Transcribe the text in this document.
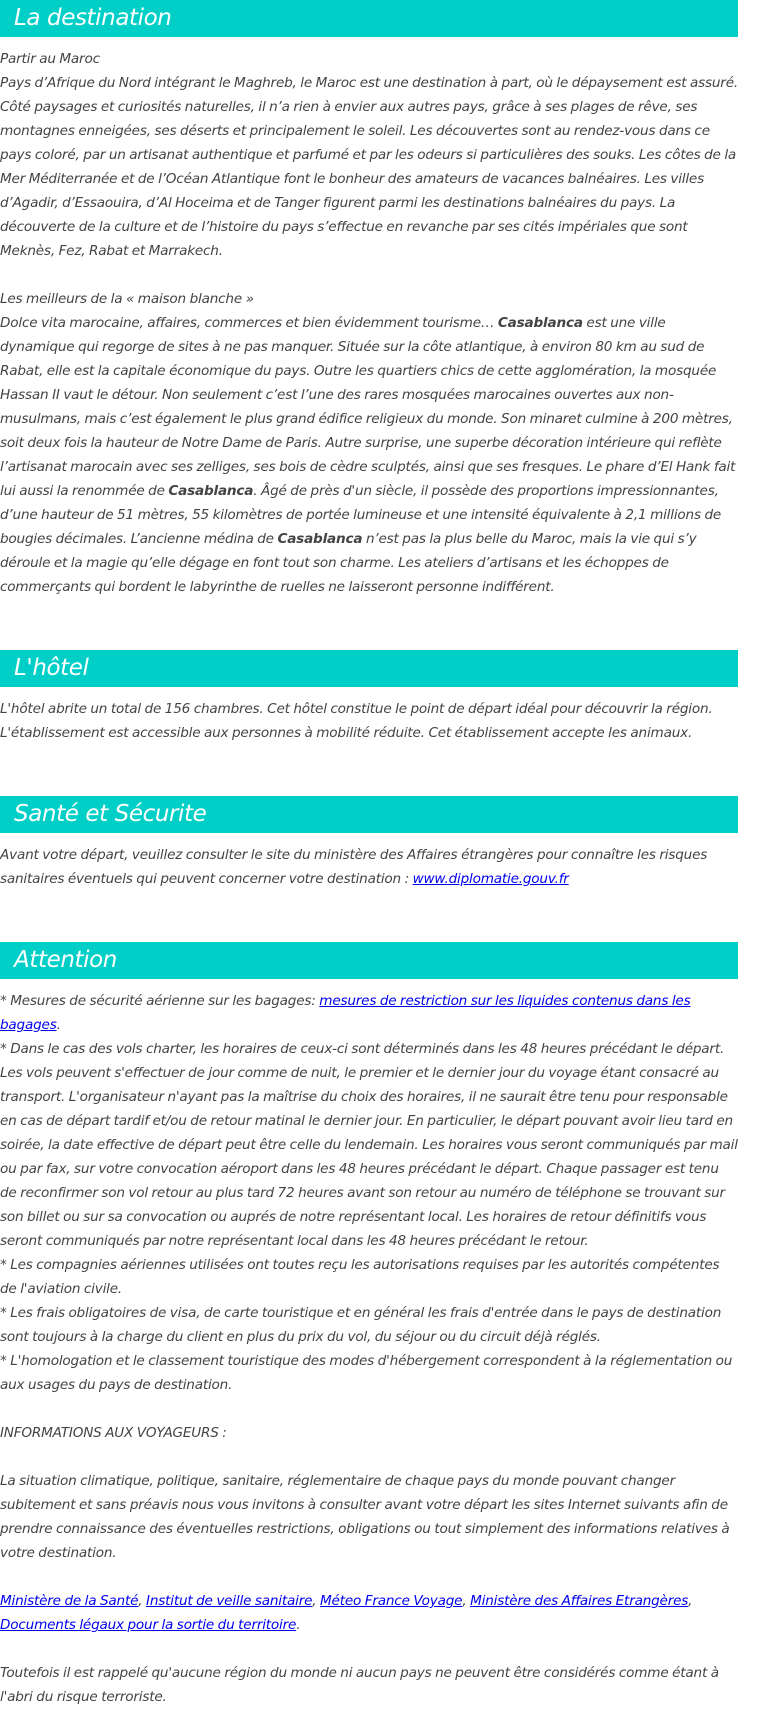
La destination

Partir au Maroc

Pays d’Afrique du Nord intégrant le Maghreb, le Maroc est une destination à part, où le dépaysement est assuré. Côté paysages et curiosités naturelles, il n’a rien à envier aux autres pays, grâce à ses plages de rêve, ses montagnes enneigées, ses déserts et principalement le soleil. Les découvertes sont au rendez-vous dans ce pays coloré, par un artisanat authentique et parfumé et par les odeurs si particulières des souks. Les côtes de la Mer Méditerranée et de l’Océan Atlantique font le bonheur des amateurs de vacances balnéaires. Les villes d’Agadir, d’Essaouira, d’Al Hoceima et de Tanger figurent parmi les destinations balnéaires du pays. La découverte de la culture et de l’histoire du pays s’effectue en revanche par ses cités impériales que sont Meknès, Fez, Rabat et Marrakech.

Les meilleurs de la « maison blanche »

Dolce vita marocaine, affaires, commerces et bien évidemment tourisme… Casablanca est une ville dynamique qui regorge de sites à ne pas manquer. Située sur la côte atlantique, à environ 80 km au sud de Rabat, elle est la capitale économique du pays. Outre les quartiers chics de cette agglomération, la mosquée Hassan II vaut le détour. Non seulement c’est l’une des rares mosquées marocaines ouvertes aux non-musulmans, mais c’est également le plus grand édifice religieux du monde. Son minaret culmine à 200 mètres, soit deux fois la hauteur de Notre Dame de Paris. Autre surprise, une superbe décoration intérieure qui reflète l’artisanat marocain avec ses zelliges, ses bois de cèdre sculptés, ainsi que ses fresques. Le phare d’El Hank fait lui aussi la renommée de Casablanca. Âgé de près d'un siècle, il possède des proportions impressionnantes, d’une hauteur de 51 mètres, 55 kilomètres de portée lumineuse et une intensité équivalente à 2,1 millions de bougies décimales. L’ancienne médina de Casablanca n’est pas la plus belle du Maroc, mais la vie qui s’y déroule et la magie qu’elle dégage en font tout son charme. Les ateliers d’artisans et les échoppes de commerçants qui bordent le labyrinthe de ruelles ne laisseront personne indifférent.

L'hôtel

L'hôtel abrite un total de 156 chambres. Cet hôtel constitue le point de départ idéal pour découvrir la région. L'établissement est accessible aux personnes à mobilité réduite. Cet établissement accepte les animaux.

Santé et Sécurite

Avant votre départ, veuillez consulter le site du ministère des Affaires étrangères pour connaître les risques sanitaires éventuels qui peuvent concerner votre destination : www.diplomatie.gouv.fr

Attention

* Mesures de sécurité aérienne sur les bagages: mesures de restriction sur les liquides contenus dans les bagages.

* Dans le cas des vols charter, les horaires de ceux-ci sont déterminés dans les 48 heures précédant le départ. Les vols peuvent s'effectuer de jour comme de nuit, le premier et le dernier jour du voyage étant consacré au transport. L'organisateur n'ayant pas la maîtrise du choix des horaires, il ne saurait être tenu pour responsable en cas de départ tardif et/ou de retour matinal le dernier jour. En particulier, le départ pouvant avoir lieu tard en soirée, la date effective de départ peut être celle du lendemain. Les horaires vous seront communiqués par mail ou par fax, sur votre convocation aéroport dans les 48 heures précédant le départ. Chaque passager est tenu de reconfirmer son vol retour au plus tard 72 heures avant son retour au numéro de téléphone se trouvant sur son billet ou sur sa convocation ou auprés de notre représentant local. Les horaires de retour définitifs vous seront communiqués par notre représentant local dans les 48 heures précédant le retour.

* Les compagnies aériennes utilisées ont toutes reçu les autorisations requises par les autorités compétentes de l'aviation civile.

* Les frais obligatoires de visa, de carte touristique et en général les frais d'entrée dans le pays de destination sont toujours à la charge du client en plus du prix du vol, du séjour ou du circuit déjà réglés.

* L'homologation et le classement touristique des modes d'hébergement correspondent à la réglementation ou aux usages du pays de destination.

INFORMATIONS AUX VOYAGEURS :

La situation climatique, politique, sanitaire, réglementaire de chaque pays du monde pouvant changer subitement et sans préavis nous vous invitons à consulter avant votre départ les sites Internet suivants afin de prendre connaissance des éventuelles restrictions, obligations ou tout simplement des informations relatives à votre destination.

Ministère de la Santé, Institut de veille sanitaire, Méteo France Voyage, Ministère des Affaires Etrangères, Documents légaux pour la sortie du territoire.

Toutefois il est rappelé qu'aucune région du monde ni aucun pays ne peuvent être considérés comme étant à l'abri du risque terroriste.
